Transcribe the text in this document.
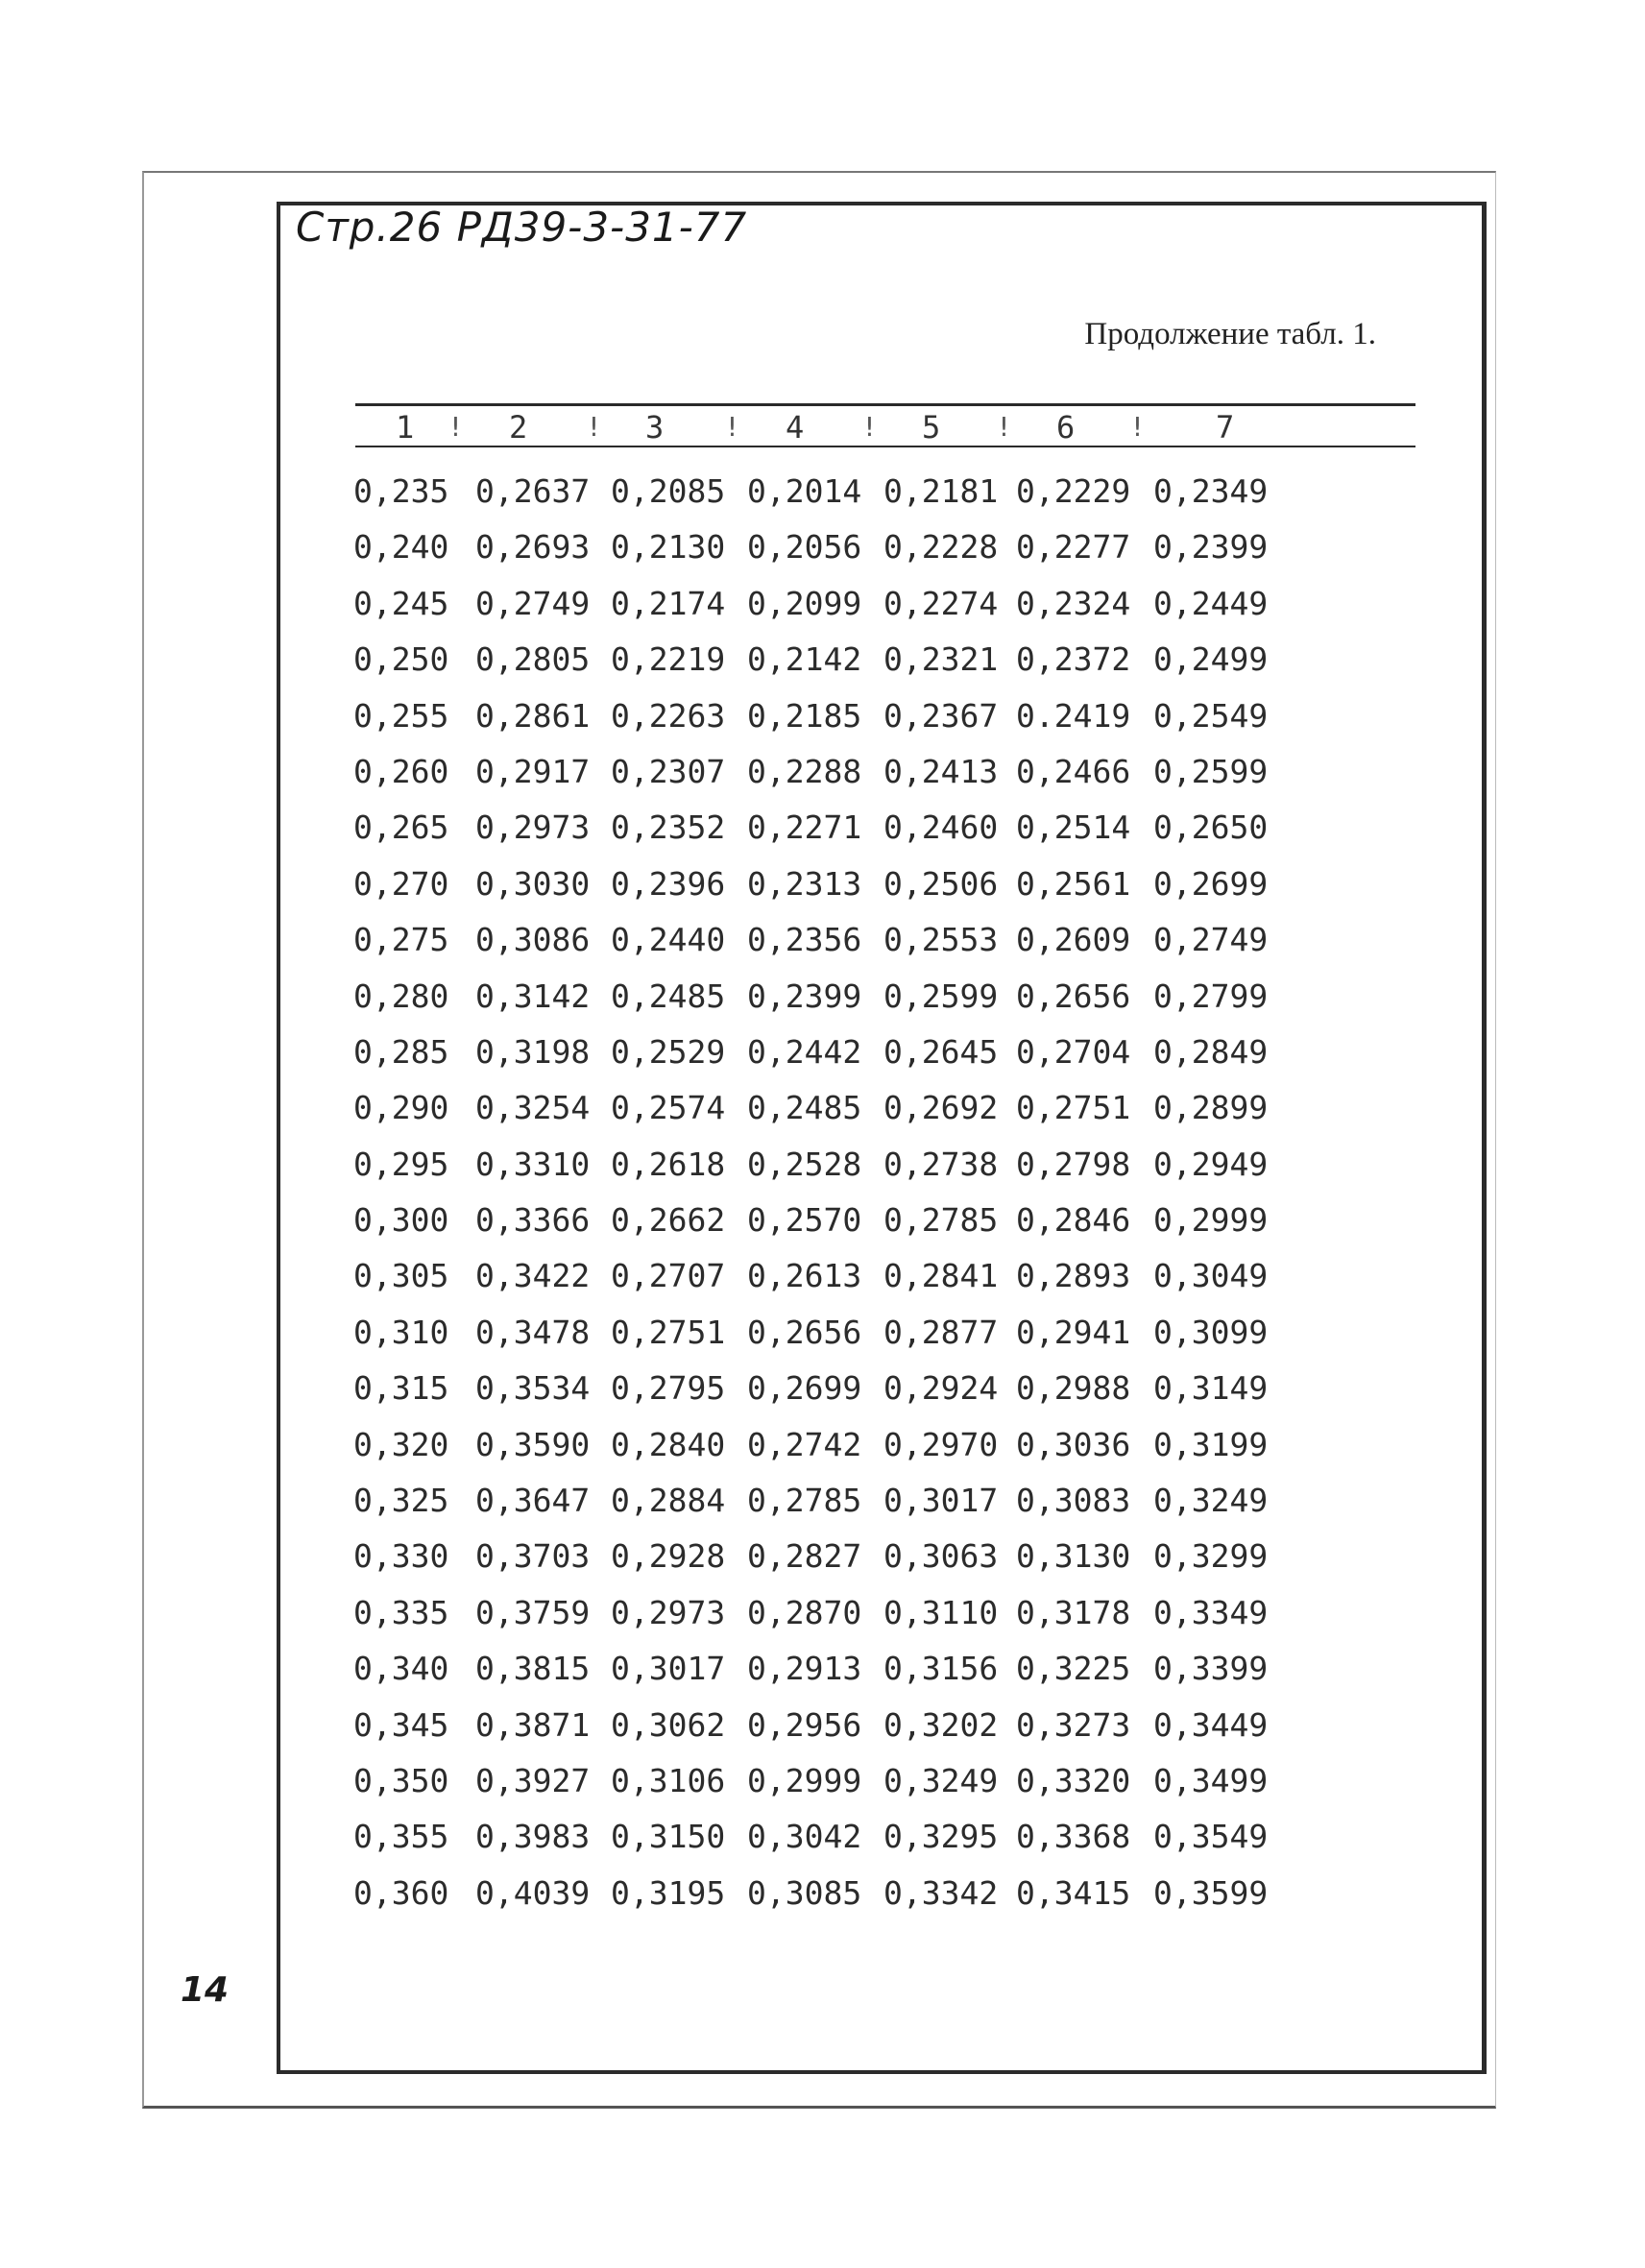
Стр.26 РД39-3-31-77
Продолжение табл. 1.
1	2	3	4	5	6	7
!	!	!	!	!	!
0,235 0,2637 0,2085 0,2014 0,2181 0,2229 0,2349
0,240 0,2693 0,2130 0,2056 0,2228 0,2277 0,2399
0,245 0,2749 0,2174 0,2099 0,2274 0,2324 0,2449
0,250 0,2805 0,2219 0,2142 0,2321 0,2372 0,2499
0,255 0,2861 0,2263 0,2185 0,2367 0.2419 0,2549
0,260 0,2917 0,2307 0,2288 0,2413 0,2466 0,2599
0,265 0,2973 0,2352 0,2271 0,2460 0,2514 0,2650
0,270 0,3030 0,2396 0,2313 0,2506 0,2561 0,2699
0,275 0,3086 0,2440 0,2356 0,2553 0,2609 0,2749
0,280 0,3142 0,2485 0,2399 0,2599 0,2656 0,2799
0,285 0,3198 0,2529 0,2442 0,2645 0,2704 0,2849
0,290 0,3254 0,2574 0,2485 0,2692 0,2751 0,2899
0,295 0,3310 0,2618 0,2528 0,2738 0,2798 0,2949
0,300 0,3366 0,2662 0,2570 0,2785 0,2846 0,2999
0,305 0,3422 0,2707 0,2613 0,2841 0,2893 0,3049
0,310 0,3478 0,2751 0,2656 0,2877 0,2941 0,3099
0,315 0,3534 0,2795 0,2699 0,2924 0,2988 0,3149
0,320 0,3590 0,2840 0,2742 0,2970 0,3036 0,3199
0,325 0,3647 0,2884 0,2785 0,3017 0,3083 0,3249
0,330 0,3703 0,2928 0,2827 0,3063 0,3130 0,3299
0,335 0,3759 0,2973 0,2870 0,3110 0,3178 0,3349
0,340 0,3815 0,3017 0,2913 0,3156 0,3225 0,3399
0,345 0,3871 0,3062 0,2956 0,3202 0,3273 0,3449
0,350 0,3927 0,3106 0,2999 0,3249 0,3320 0,3499
0,355 0,3983 0,3150 0,3042 0,3295 0,3368 0,3549
0,360 0,4039 0,3195 0,3085 0,3342 0,3415 0,3599
14
